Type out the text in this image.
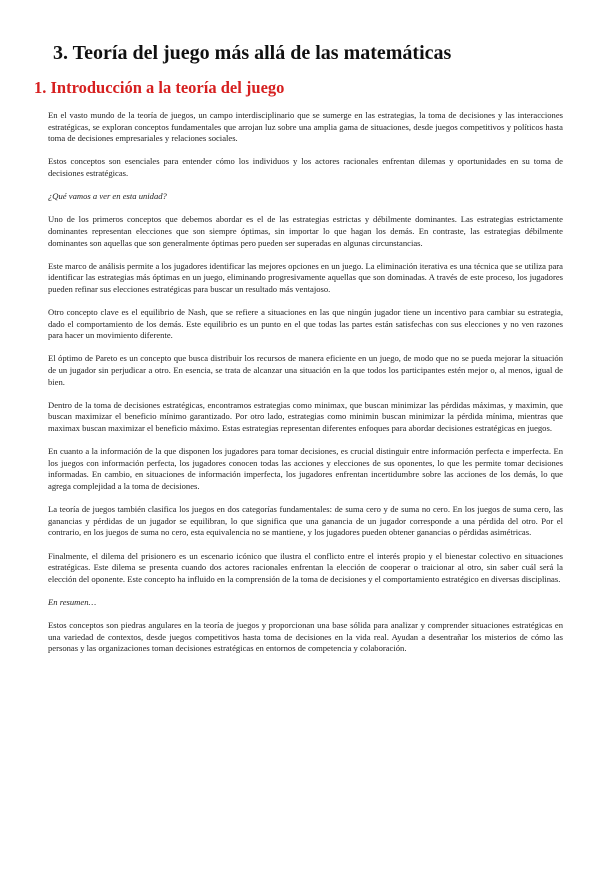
3. Teoría del juego más allá de las matemáticas
1. Introducción a la teoría del juego

En el vasto mundo de la teoría de juegos, un campo interdisciplinario que se sumerge en las estrategias, la toma de decisiones y las interacciones estratégicas, se exploran conceptos fundamentales que arrojan luz sobre una amplia gama de situaciones, desde juegos competitivos y políticos hasta toma de decisiones empresariales y relaciones sociales.

Estos conceptos son esenciales para entender cómo los individuos y los actores racionales enfrentan dilemas y oportunidades en su toma de decisiones estratégicas.

¿Qué vamos a ver en esta unidad?

Uno de los primeros conceptos que debemos abordar es el de las estrategias estrictas y débilmente dominantes. Las estrategias estrictamente dominantes representan elecciones que son siempre óptimas, sin importar lo que hagan los demás. En contraste, las estrategias débilmente dominantes son aquellas que son generalmente óptimas pero pueden ser superadas en algunas circunstancias.

Este marco de análisis permite a los jugadores identificar las mejores opciones en un juego. La eliminación iterativa es una técnica que se utiliza para identificar las estrategias más óptimas en un juego, eliminando progresivamente aquellas que son dominadas. A través de este proceso, los jugadores pueden refinar sus elecciones estratégicas para buscar un resultado más ventajoso.

Otro concepto clave es el equilibrio de Nash, que se refiere a situaciones en las que ningún jugador tiene un incentivo para cambiar su estrategia, dado el comportamiento de los demás. Este equilibrio es un punto en el que todas las partes están satisfechas con sus elecciones y no ven razones para hacer un movimiento diferente.

El óptimo de Pareto es un concepto que busca distribuir los recursos de manera eficiente en un juego, de modo que no se pueda mejorar la situación de un jugador sin perjudicar a otro. En esencia, se trata de alcanzar una situación en la que todos los participantes estén mejor o, al menos, igual de bien.

Dentro de la toma de decisiones estratégicas, encontramos estrategias como minimax, que buscan minimizar las pérdidas máximas, y maximin, que buscan maximizar el beneficio mínimo garantizado. Por otro lado, estrategias como minimin buscan minimizar la pérdida mínima, mientras que maximax buscan maximizar el beneficio máximo. Estas estrategias representan diferentes enfoques para abordar decisiones estratégicas en juegos.

En cuanto a la información de la que disponen los jugadores para tomar decisiones, es crucial distinguir entre información perfecta e imperfecta. En los juegos con información perfecta, los jugadores conocen todas las acciones y elecciones de sus oponentes, lo que les permite tomar decisiones informadas. En cambio, en situaciones de información imperfecta, los jugadores enfrentan incertidumbre sobre las acciones de los demás, lo que agrega complejidad a la toma de decisiones.

La teoría de juegos también clasifica los juegos en dos categorías fundamentales: de suma cero y de suma no cero. En los juegos de suma cero, las ganancias y pérdidas de un jugador se equilibran, lo que significa que una ganancia de un jugador corresponde a una pérdida del otro. Por el contrario, en los juegos de suma no cero, esta equivalencia no se mantiene, y los jugadores pueden obtener ganancias o pérdidas asimétricas.

Finalmente, el dilema del prisionero es un escenario icónico que ilustra el conflicto entre el interés propio y el bienestar colectivo en situaciones estratégicas. Este dilema se presenta cuando dos actores racionales enfrentan la elección de cooperar o traicionar al otro, sin saber cuál será la elección del oponente. Este concepto ha influido en la comprensión de la toma de decisiones y el comportamiento estratégico en diversas disciplinas.

En resumen…

Estos conceptos son piedras angulares en la teoría de juegos y proporcionan una base sólida para analizar y comprender situaciones estratégicas en una variedad de contextos, desde juegos competitivos hasta toma de decisiones en la vida real. Ayudan a desentrañar los misterios de cómo las personas y las organizaciones toman decisiones estratégicas en entornos de competencia y colaboración.
